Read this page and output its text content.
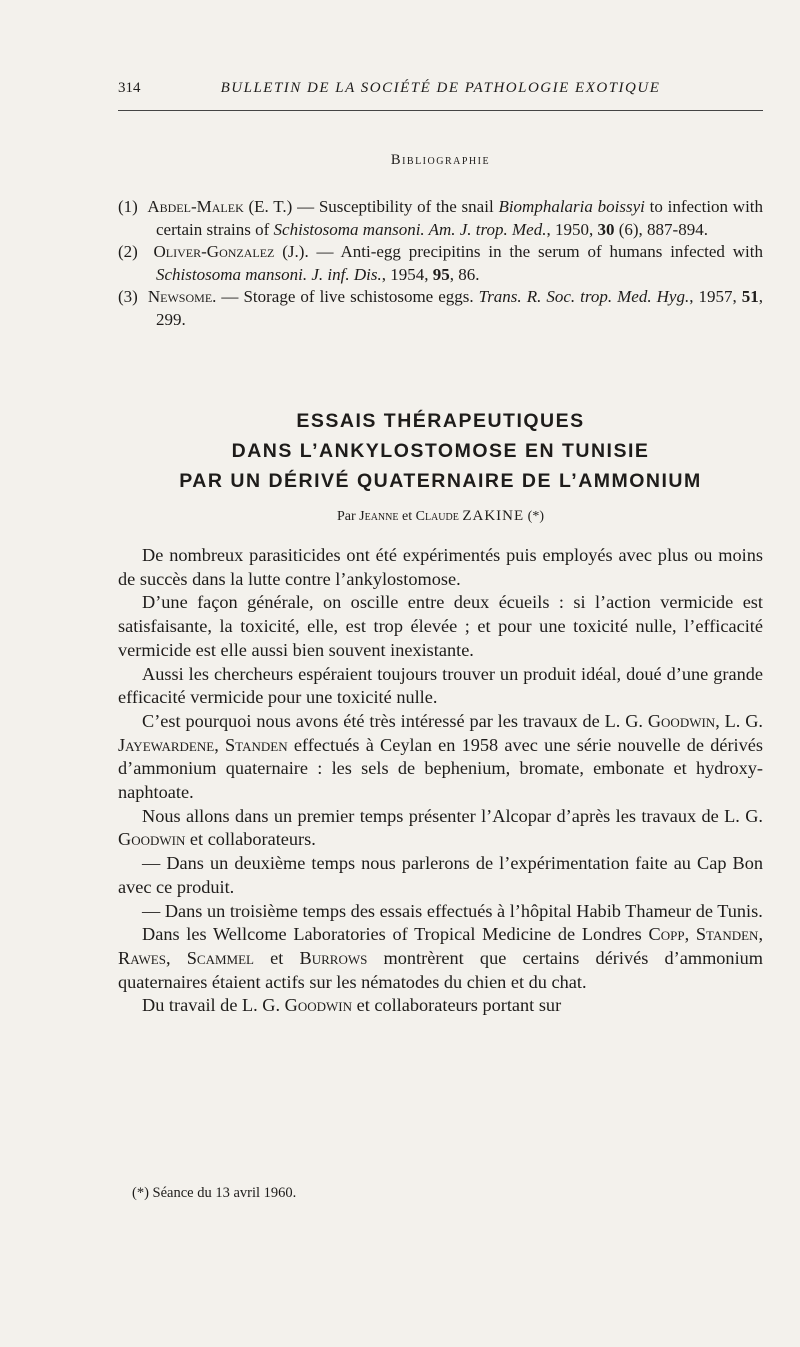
314	BULLETIN DE LA SOCIÉTÉ DE PATHOLOGIE EXOTIQUE
Bibliographie
(1) Abdel-Malek (E. T.) — Susceptibility of the snail Biomphalaria boissyi to infection with certain strains of Schistosoma mansoni. Am. J. trop. Med., 1950, 30 (6), 887-894.
(2) Oliver-Gonzalez (J.). — Anti-egg precipitins in the serum of humans infected with Schistosoma mansoni. J. inf. Dis., 1954, 95, 86.
(3) Newsome. — Storage of live schistosome eggs. Trans. R. Soc. trop. Med. Hyg., 1957, 51, 299.
ESSAIS THÉRAPEUTIQUES
DANS L’ANKYLOSTOMOSE EN TUNISIE
PAR UN DÉRIVÉ QUATERNAIRE DE L’AMMONIUM
Par Jeanne et Claude ZAKINE (*)

De nombreux parasiticides ont été expérimentés puis employés avec plus ou moins de succès dans la lutte contre l’ankylostomose.

D’une façon générale, on oscille entre deux écueils : si l’action vermicide est satisfaisante, la toxicité, elle, est trop élevée ; et pour une toxicité nulle, l’efficacité vermicide est elle aussi bien souvent inexistante.

Aussi les chercheurs espéraient toujours trouver un produit idéal, doué d’une grande efficacité vermicide pour une toxicité nulle.

C’est pourquoi nous avons été très intéressé par les travaux de L. G. Goodwin, L. G. Jayewardene, Standen effectués à Ceylan en 1958 avec une série nouvelle de dérivés d’ammonium quaternaire : les sels de bephenium, bromate, embonate et hydroxy-naphtoate.

Nous allons dans un premier temps présenter l’Alcopar d’après les travaux de L. G. Goodwin et collaborateurs.

— Dans un deuxième temps nous parlerons de l’expérimentation faite au Cap Bon avec ce produit.

— Dans un troisième temps des essais effectués à l’hôpital Habib Thameur de Tunis.

Dans les Wellcome Laboratories of Tropical Medicine de Londres Copp, Standen, Rawes, Scammel et Burrows montrèrent que certains dérivés d’ammonium quaternaires étaient actifs sur les nématodes du chien et du chat.

Du travail de L. G. Goodwin et collaborateurs portant sur

(*) Séance du 13 avril 1960.
